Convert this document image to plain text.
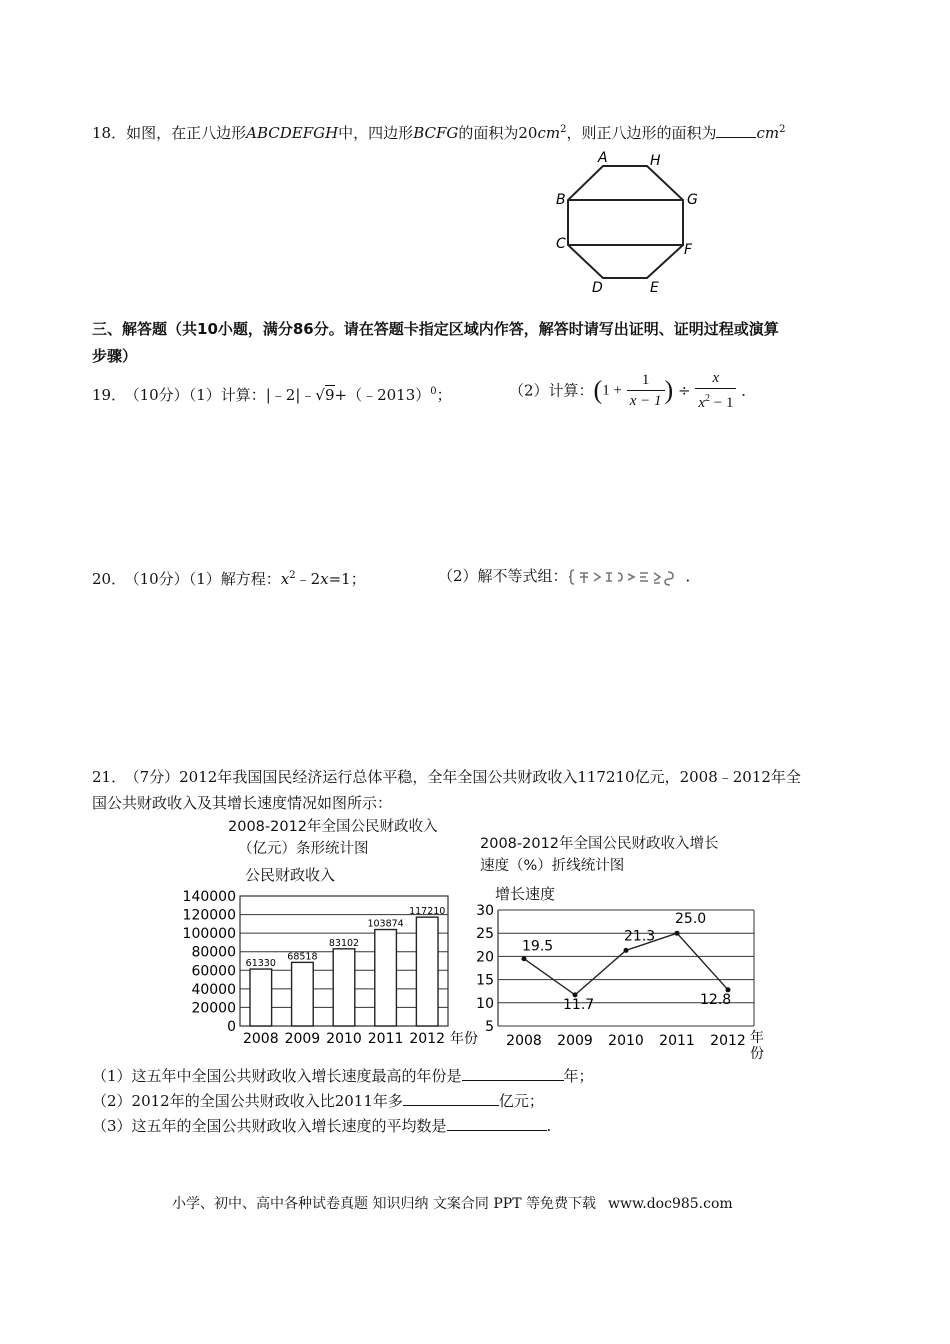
18．如图，在正八边形ABCDEFGH中，四边形BCFG的面积为$20cm^2$，则正八边形的面积为	$cm^2$
A	H
B	G
C	F
D	E
三、解答题（共10小题，满分86分。请在答题卡指定区域内作答，解答时请写出证明、证明过程或演算
步骤）
19． （10分）（1）计算：|﹣2|﹣√9+（﹣2013）$^0$；	（2）计算：($1 + \frac{1}{x - 1}$ ) ÷ $\frac{x}{x^2 - 1}$ ．
20． （10分）（1）解方程：$x^2﹣2x=1$；	（2）解不等式组：	．
21． （7分）2012年我国国民经济运行总体平稳，全年全国公共财政收入117210亿元，2008﹣2012年全
国公共财政收入及其增长速度情况如图所示：
2008-2012年全国公民财政收入
（亿元）条形统计图
公民财政收入
0
20000
40000
60000
80000
100000
120000
140000
61330
2008
68518
2009
83102
2010
103874
2011
117210
2012 年份
2008-2012年全国公民财政收入增长
速度（%）折线统计图
增长速度
5
10
15
20
25
30
19.5
2008
11.7
2009
21.3
2010
25.0
2011
12.8
2012 年
份
（1）这五年中全国公共财政收入增长速度最高的年份是	年；
（2）2012年的全国公共财政收入比2011年多	亿元；
（3）这五年的全国公共财政收入增长速度的平均数是	.
小学、初中、高中各种试卷真题 知识归纳 文案合同 PPT 等免费下载 www.doc985.com
